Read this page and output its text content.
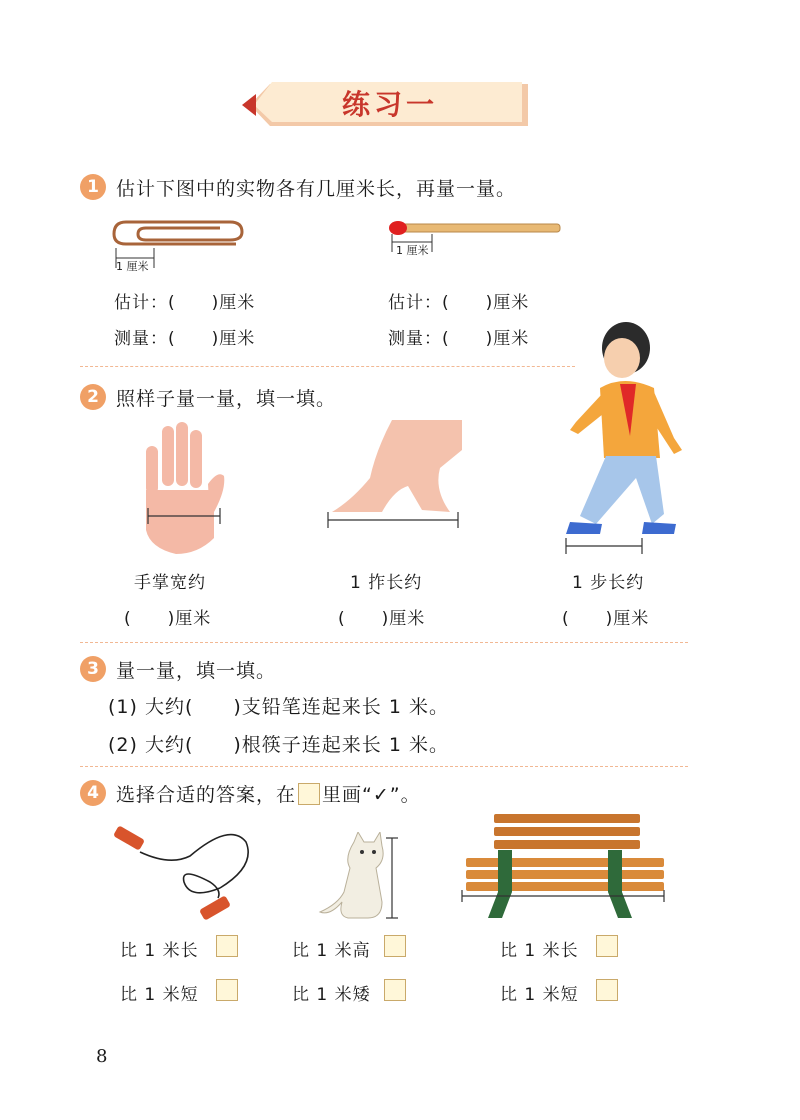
练习一
1 估计下图中的实物各有几厘米长，再量一量。
1 厘米
1 厘米
估计：(　　)厘米
测量：(　　)厘米
估计：(　　)厘米
测量：(　　)厘米
2 照样子量一量，填一填。
手掌宽约
(　　)厘米
1 拃长约
(　　)厘米
1 步长约
(　　)厘米
3 量一量，填一填。
(1) 大约(　　)支铅笔连起来长 1 米。
(2) 大约(　　)根筷子连起来长 1 米。
4 选择合适的答案，在 里画“✓”。
比 1 米长
比 1 米短
比 1 米高
比 1 米矮
比 1 米长
比 1 米短
8
